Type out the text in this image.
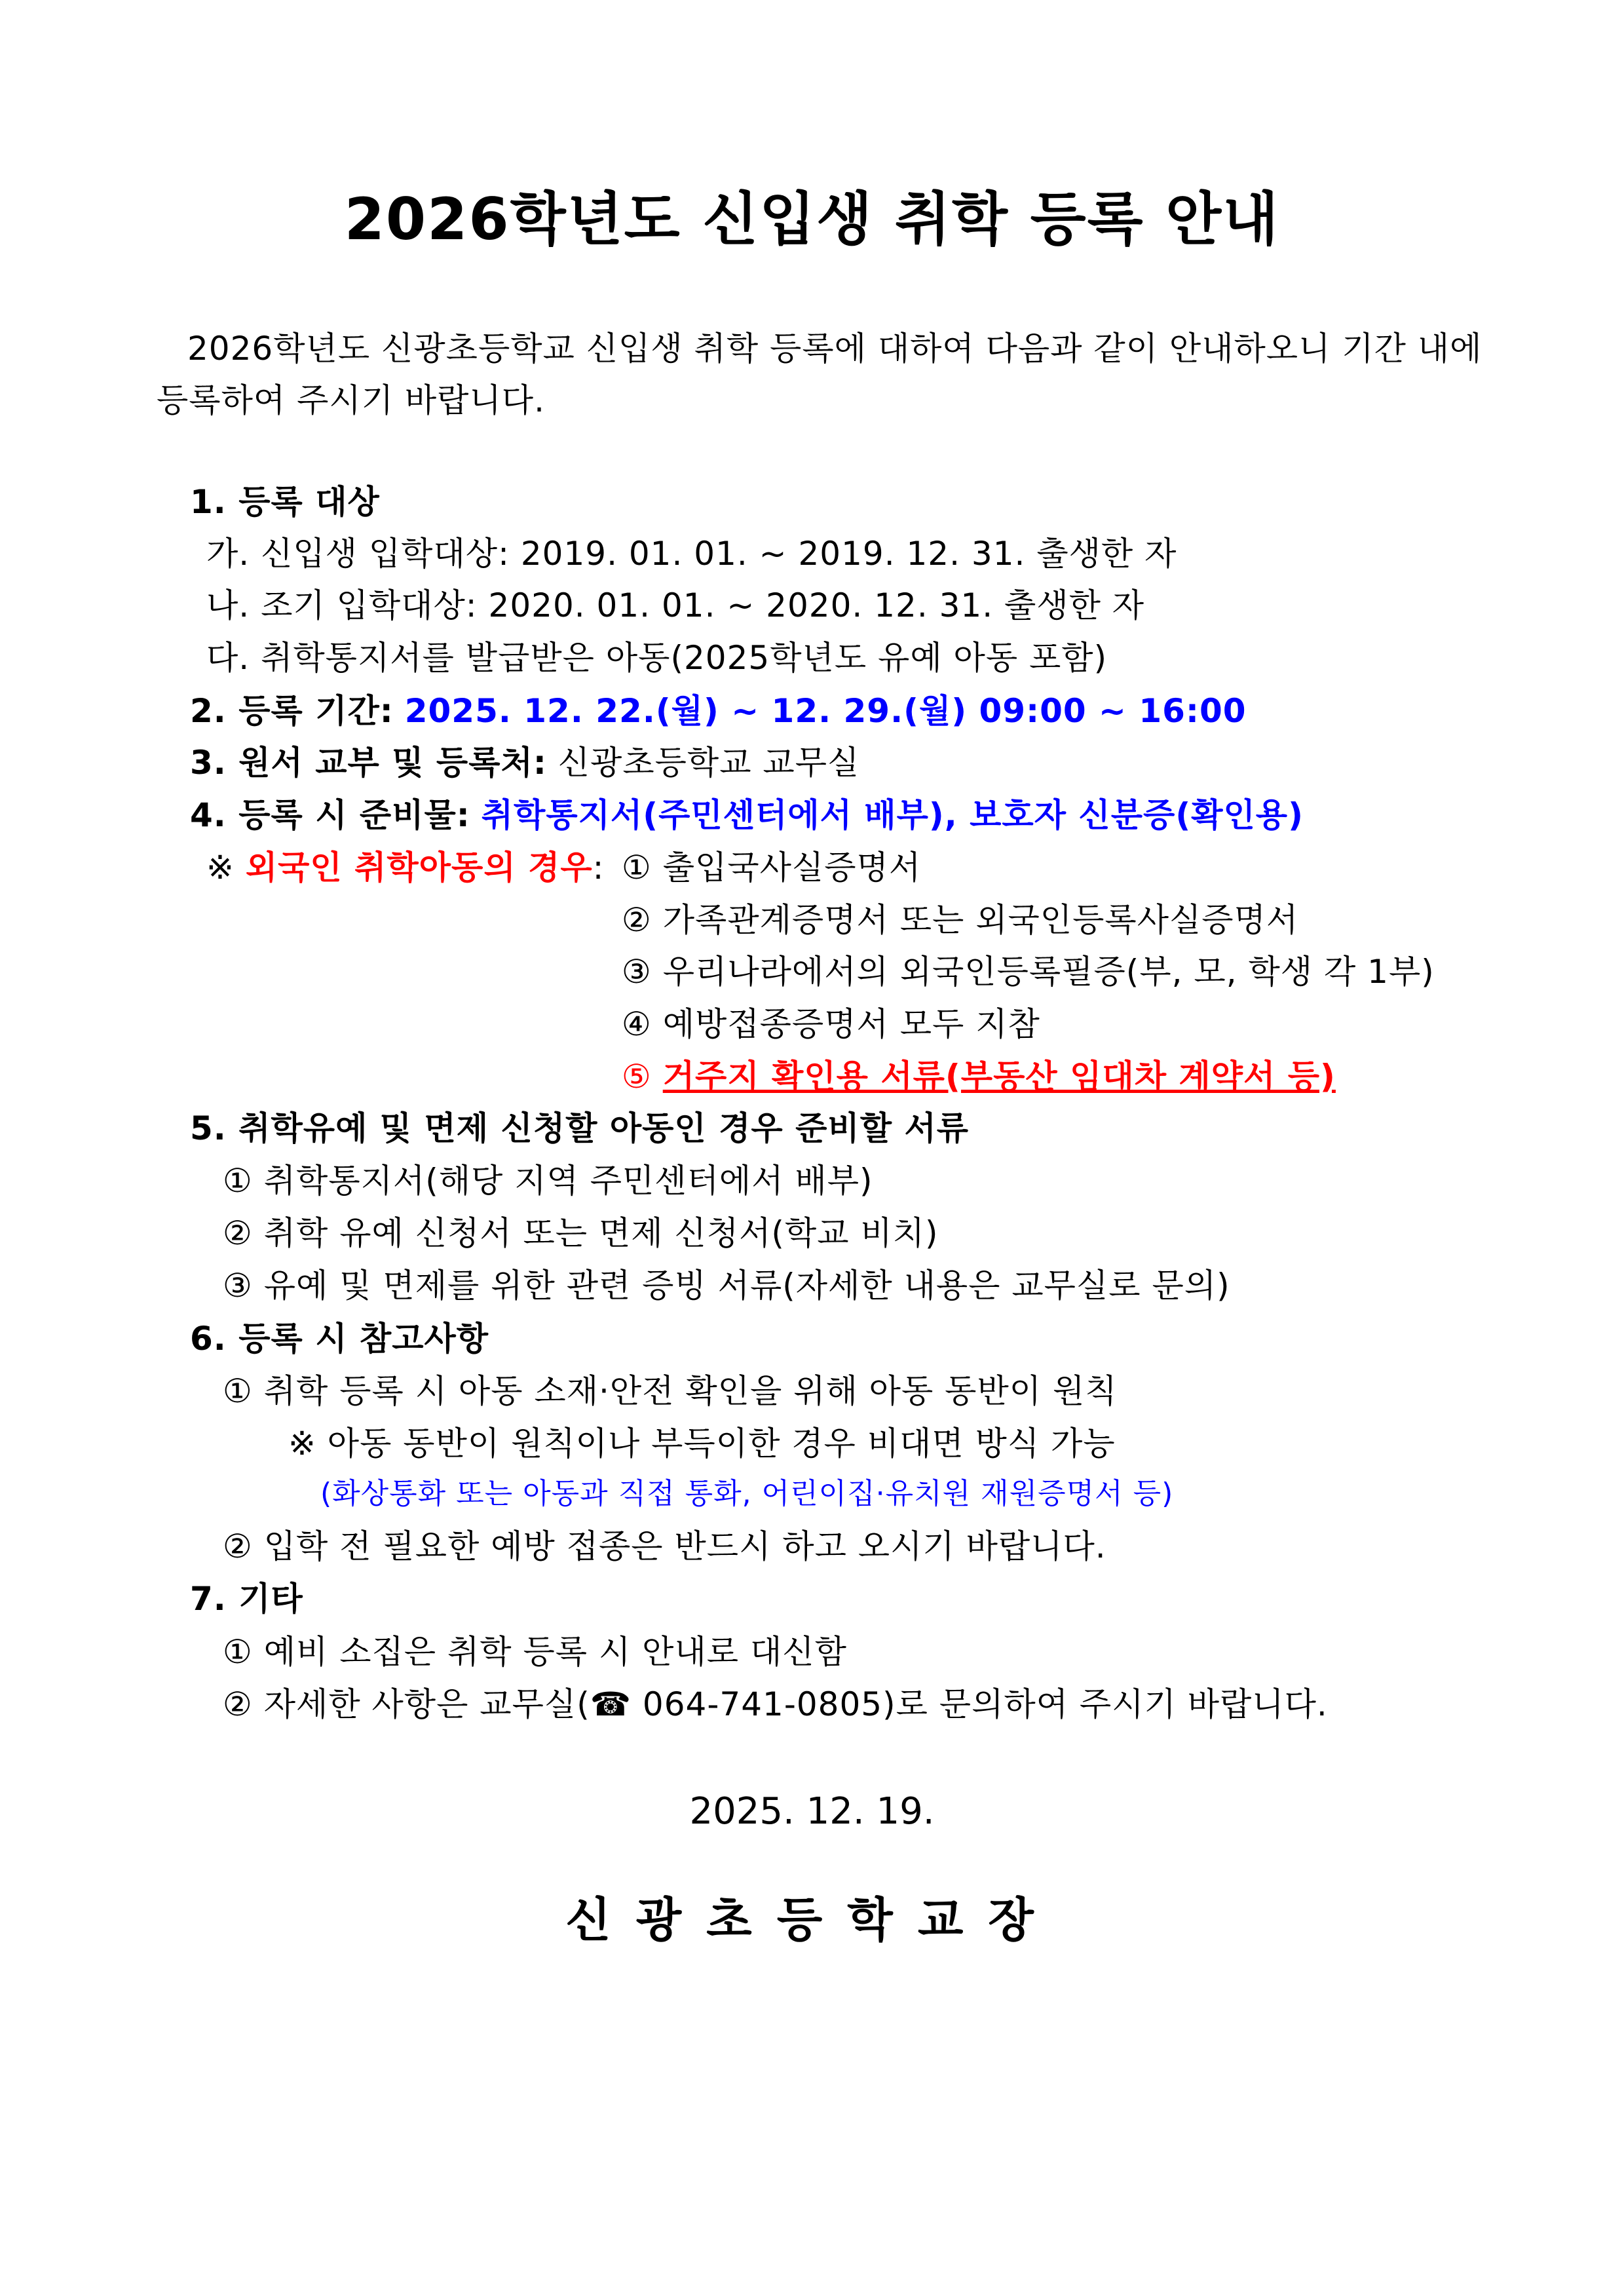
2026학년도 신입생 취학 등록 안내
2026학년도 신광초등학교 신입생 취학 등록에 대하여 다음과 같이 안내하오니 기간 내에
등록하여 주시기 바랍니다.
1. 등록 대상
가. 신입생 입학대상: 2019. 01. 01. ~ 2019. 12. 31. 출생한 자
나. 조기 입학대상: 2020. 01. 01. ~ 2020. 12. 31. 출생한 자
다. 취학통지서를 발급받은 아동(2025학년도 유예 아동 포함)
2. 등록 기간: 2025. 12. 22.(월) ~ 12. 29.(월) 09:00 ~ 16:00
3. 원서 교부 및 등록처: 신광초등학교 교무실
4. 등록 시 준비물: 취학통지서(주민센터에서 배부), 보호자 신분증(확인용)
※ 외국인 취학아동의 경우: ① 출입국사실증명서
② 가족관계증명서 또는 외국인등록사실증명서
③ 우리나라에서의 외국인등록필증(부, 모, 학생 각 1부)
④ 예방접종증명서 모두 지참
⑤ 거주지 확인용 서류(부동산 임대차 계약서 등)
5. 취학유예 및 면제 신청할 아동인 경우 준비할 서류
① 취학통지서(해당 지역 주민센터에서 배부)
② 취학 유예 신청서 또는 면제 신청서(학교 비치)
③ 유예 및 면제를 위한 관련 증빙 서류(자세한 내용은 교무실로 문의)
6. 등록 시 참고사항
① 취학 등록 시 아동 소재·안전 확인을 위해 아동 동반이 원칙
※ 아동 동반이 원칙이나 부득이한 경우 비대면 방식 가능
(화상통화 또는 아동과 직접 통화, 어린이집·유치원 재원증명서 등)
② 입학 전 필요한 예방 접종은 반드시 하고 오시기 바랍니다.
7. 기타
① 예비 소집은 취학 등록 시 안내로 대신함
② 자세한 사항은 교무실(☎ 064-741-0805)로 문의하여 주시기 바랍니다.
2025. 12. 19.
신광초등학교장
